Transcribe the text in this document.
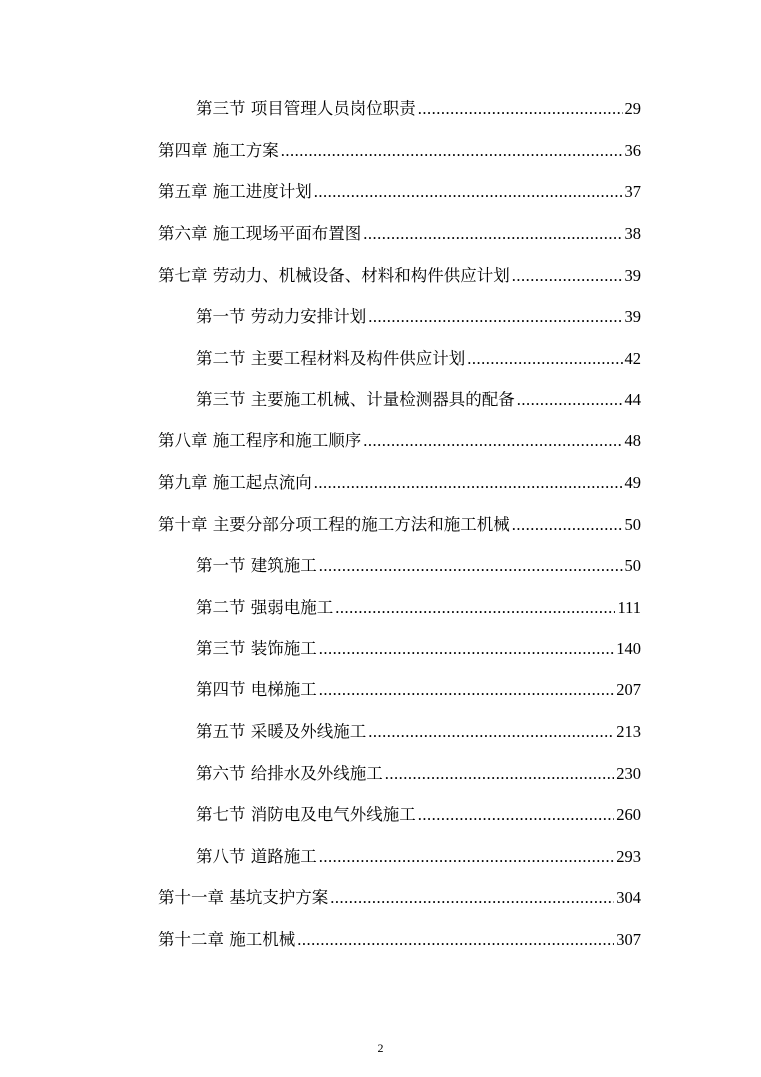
第三节 项目管理人员岗位职责 .....	29
第四章 施工方案 .....	36
第五章 施工进度计划 .....	37
第六章 施工现场平面布置图 .....	38
第七章 劳动力、机械设备、材料和构件供应计划 .....	39
第一节 劳动力安排计划 .....	39
第二节 主要工程材料及构件供应计划 .....	42
第三节 主要施工机械、计量检测器具的配备 .....	44
第八章 施工程序和施工顺序 .....	48
第九章 施工起点流向 .....	49
第十章 主要分部分项工程的施工方法和施工机械 .....	50
第一节 建筑施工 .....	50
第二节 强弱电施工 .....	111
第三节 装饰施工 .....	140
第四节 电梯施工 .....	207
第五节 采暖及外线施工 .....	213
第六节 给排水及外线施工 .....	230
第七节 消防电及电气外线施工 .....	260
第八节 道路施工 .....	293
第十一章 基坑支护方案 .....	304
第十二章 施工机械 .....	307
2
